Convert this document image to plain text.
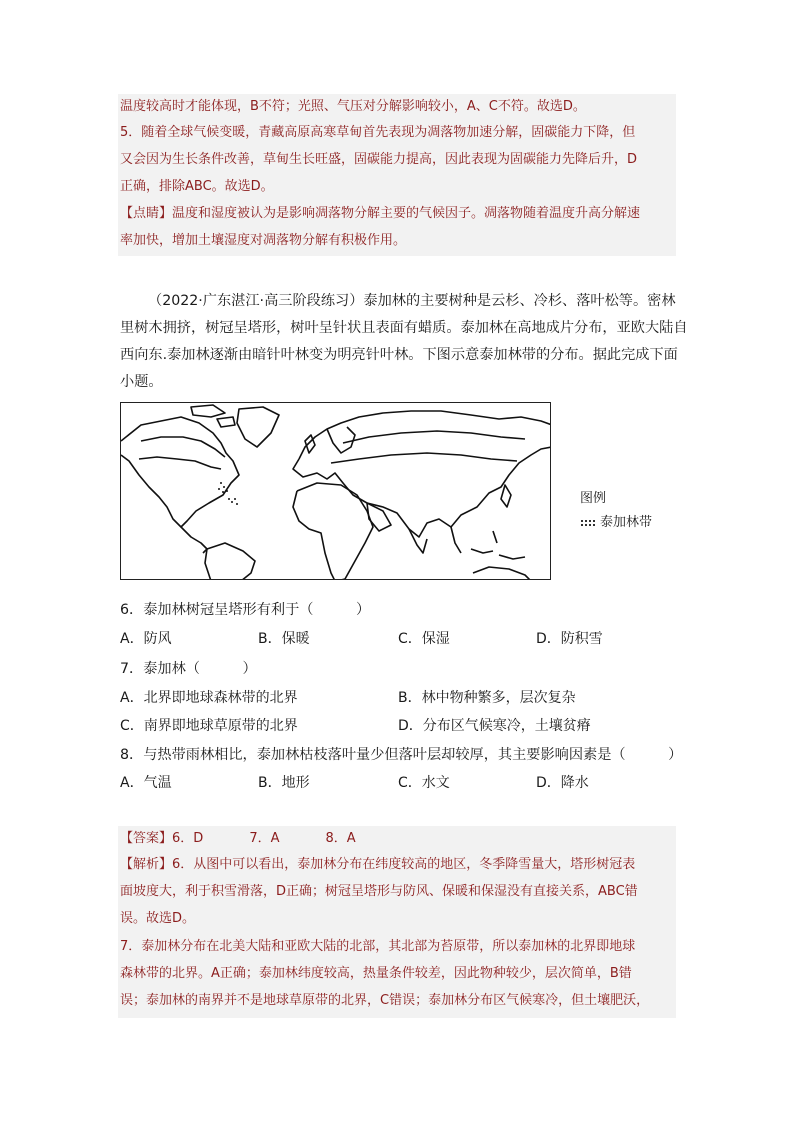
温度较高时才能体现，B不符；光照、气压对分解影响较小，A、C不符。故选D。
5．随着全球气候变暖，青藏高原高寒草甸首先表现为凋落物加速分解，固碳能力下降，但
又会因为生长条件改善，草甸生长旺盛，固碳能力提高，因此表现为固碳能力先降后升，D
正确，排除ABC。故选D。
【点睛】温度和湿度被认为是影响凋落物分解主要的气候因子。凋落物随着温度升高分解速
率加快，增加土壤湿度对凋落物分解有积极作用。
（2022·广东湛江·高三阶段练习）泰加林的主要树种是云杉、冷杉、落叶松等。密林
里树木拥挤，树冠呈塔形，树叶呈针状且表面有蜡质。泰加林在高地成片分布，亚欧大陆自
西向东.泰加林逐渐由暗针叶林变为明亮针叶林。下图示意泰加林带的分布。据此完成下面
小题。
图例
泰加林带
6．泰加林树冠呈塔形有利于（　　　）
A．防风	B．保暖	C．保湿	D．防积雪
7．泰加林（　　　）
A．北界即地球森林带的北界	B．林中物种繁多，层次复杂
C．南界即地球草原带的北界	D．分布区气候寒冷，土壤贫瘠
8．与热带雨林相比，泰加林枯枝落叶量少但落叶层却较厚，其主要影响因素是（　　　）
A．气温	B．地形	C．水文	D．降水
【答案】6．D	7．A	8．A
【解析】6．从图中可以看出，泰加林分布在纬度较高的地区，冬季降雪量大，塔形树冠表
面坡度大，利于积雪滑落，D正确；树冠呈塔形与防风、保暖和保湿没有直接关系，ABC错
误。故选D。
7．泰加林分布在北美大陆和亚欧大陆的北部，其北部为苔原带，所以泰加林的北界即地球
森林带的北界。A正确；泰加林纬度较高，热量条件较差，因此物种较少，层次简单，B错
误；泰加林的南界并不是地球草原带的北界，C错误；泰加林分布区气候寒冷，但土壤肥沃，
